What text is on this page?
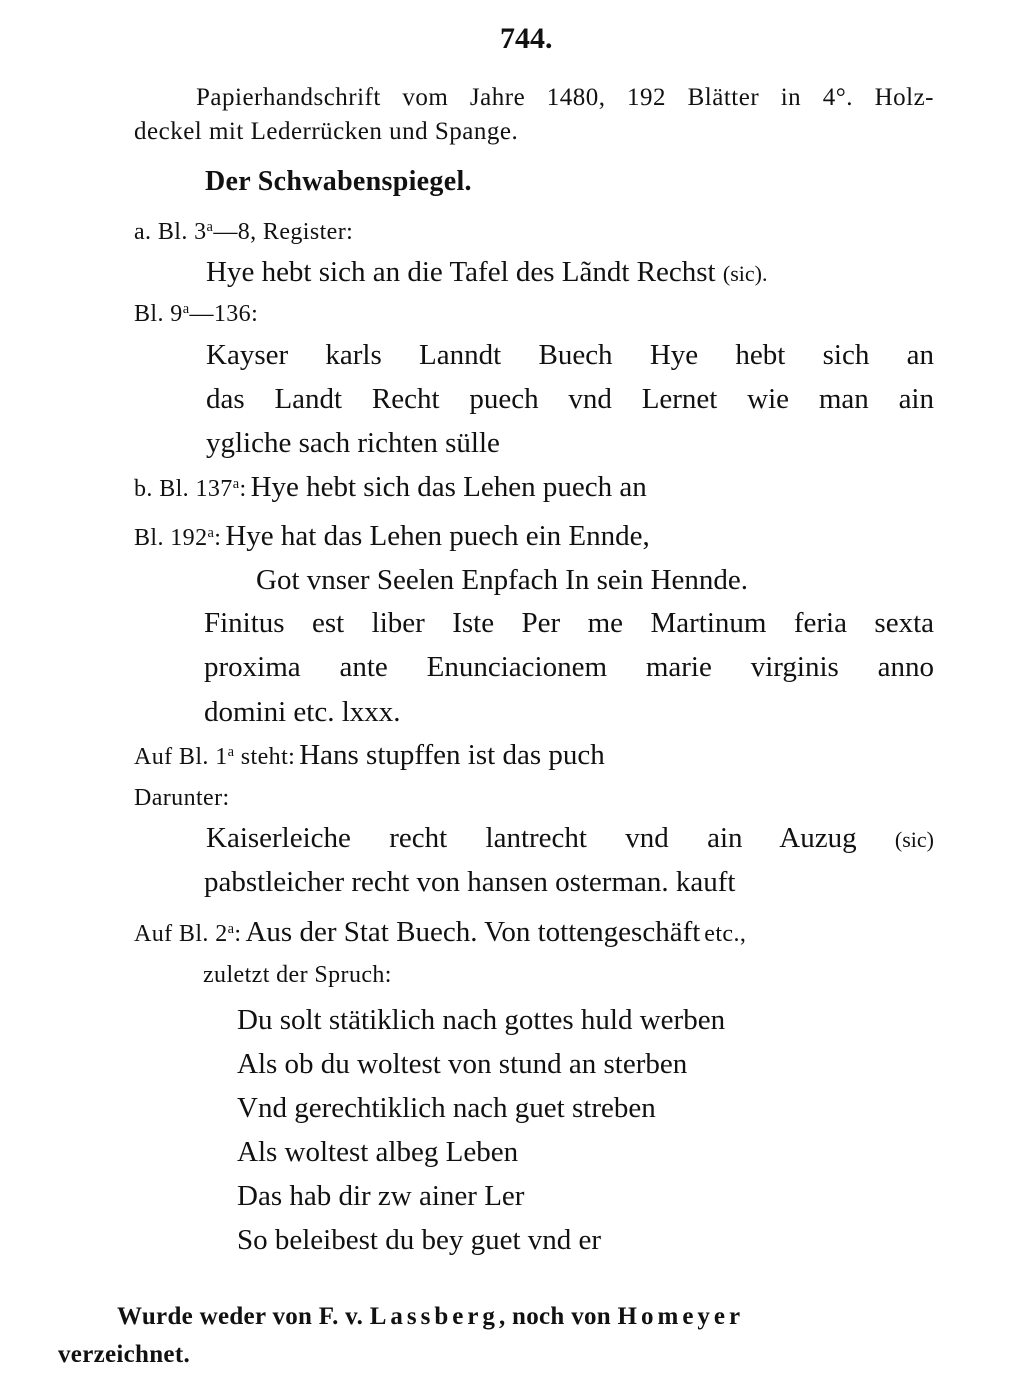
744.
Papierhandschrift vom Jahre 1480, 192 Blätter in 4°. Holz-
deckel mit Lederrücken und Spange.
Der Schwabenspiegel.
a. Bl. 3$^a$—8, Register:
Hye hebt sich an die Tafel des Lãndt Rechst (sic).
Bl. 9$^a$—136:
Kayser karls Lanndt Buech Hye hebt sich an
das Landt Recht puech vnd Lernet wie man ain
ygliche sach richten sülle
b. Bl. 137$^a$: Hye hebt sich das Lehen puech an
Bl. 192$^a$: Hye hat das Lehen puech ein Ennde,
Got vnser Seelen Enpfach In sein Hennde.
Finitus est liber Iste Per me Martinum feria sexta
proxima ante Enunciacionem marie virginis anno
domini etc. lxxx.
Auf Bl. 1$^a$ steht: Hans stupffen ist das puch
Darunter:
Kaiserleiche recht lantrecht vnd ain Auzug (sic)
pabstleicher recht von hansen osterman. kauft
Auf Bl. 2$^a$: Aus der Stat Buech. Von tottengeschäft etc.,
zuletzt der Spruch:
Du solt stätiklich nach gottes huld werben
Als ob du woltest von stund an sterben
Vnd gerechtiklich nach guet streben
Als woltest albeg Leben
Das hab dir zw ainer Ler
So beleibest du bey guet vnd er
Wurde weder von F. v. Lassberg, noch von Homeyer
verzeichnet.
